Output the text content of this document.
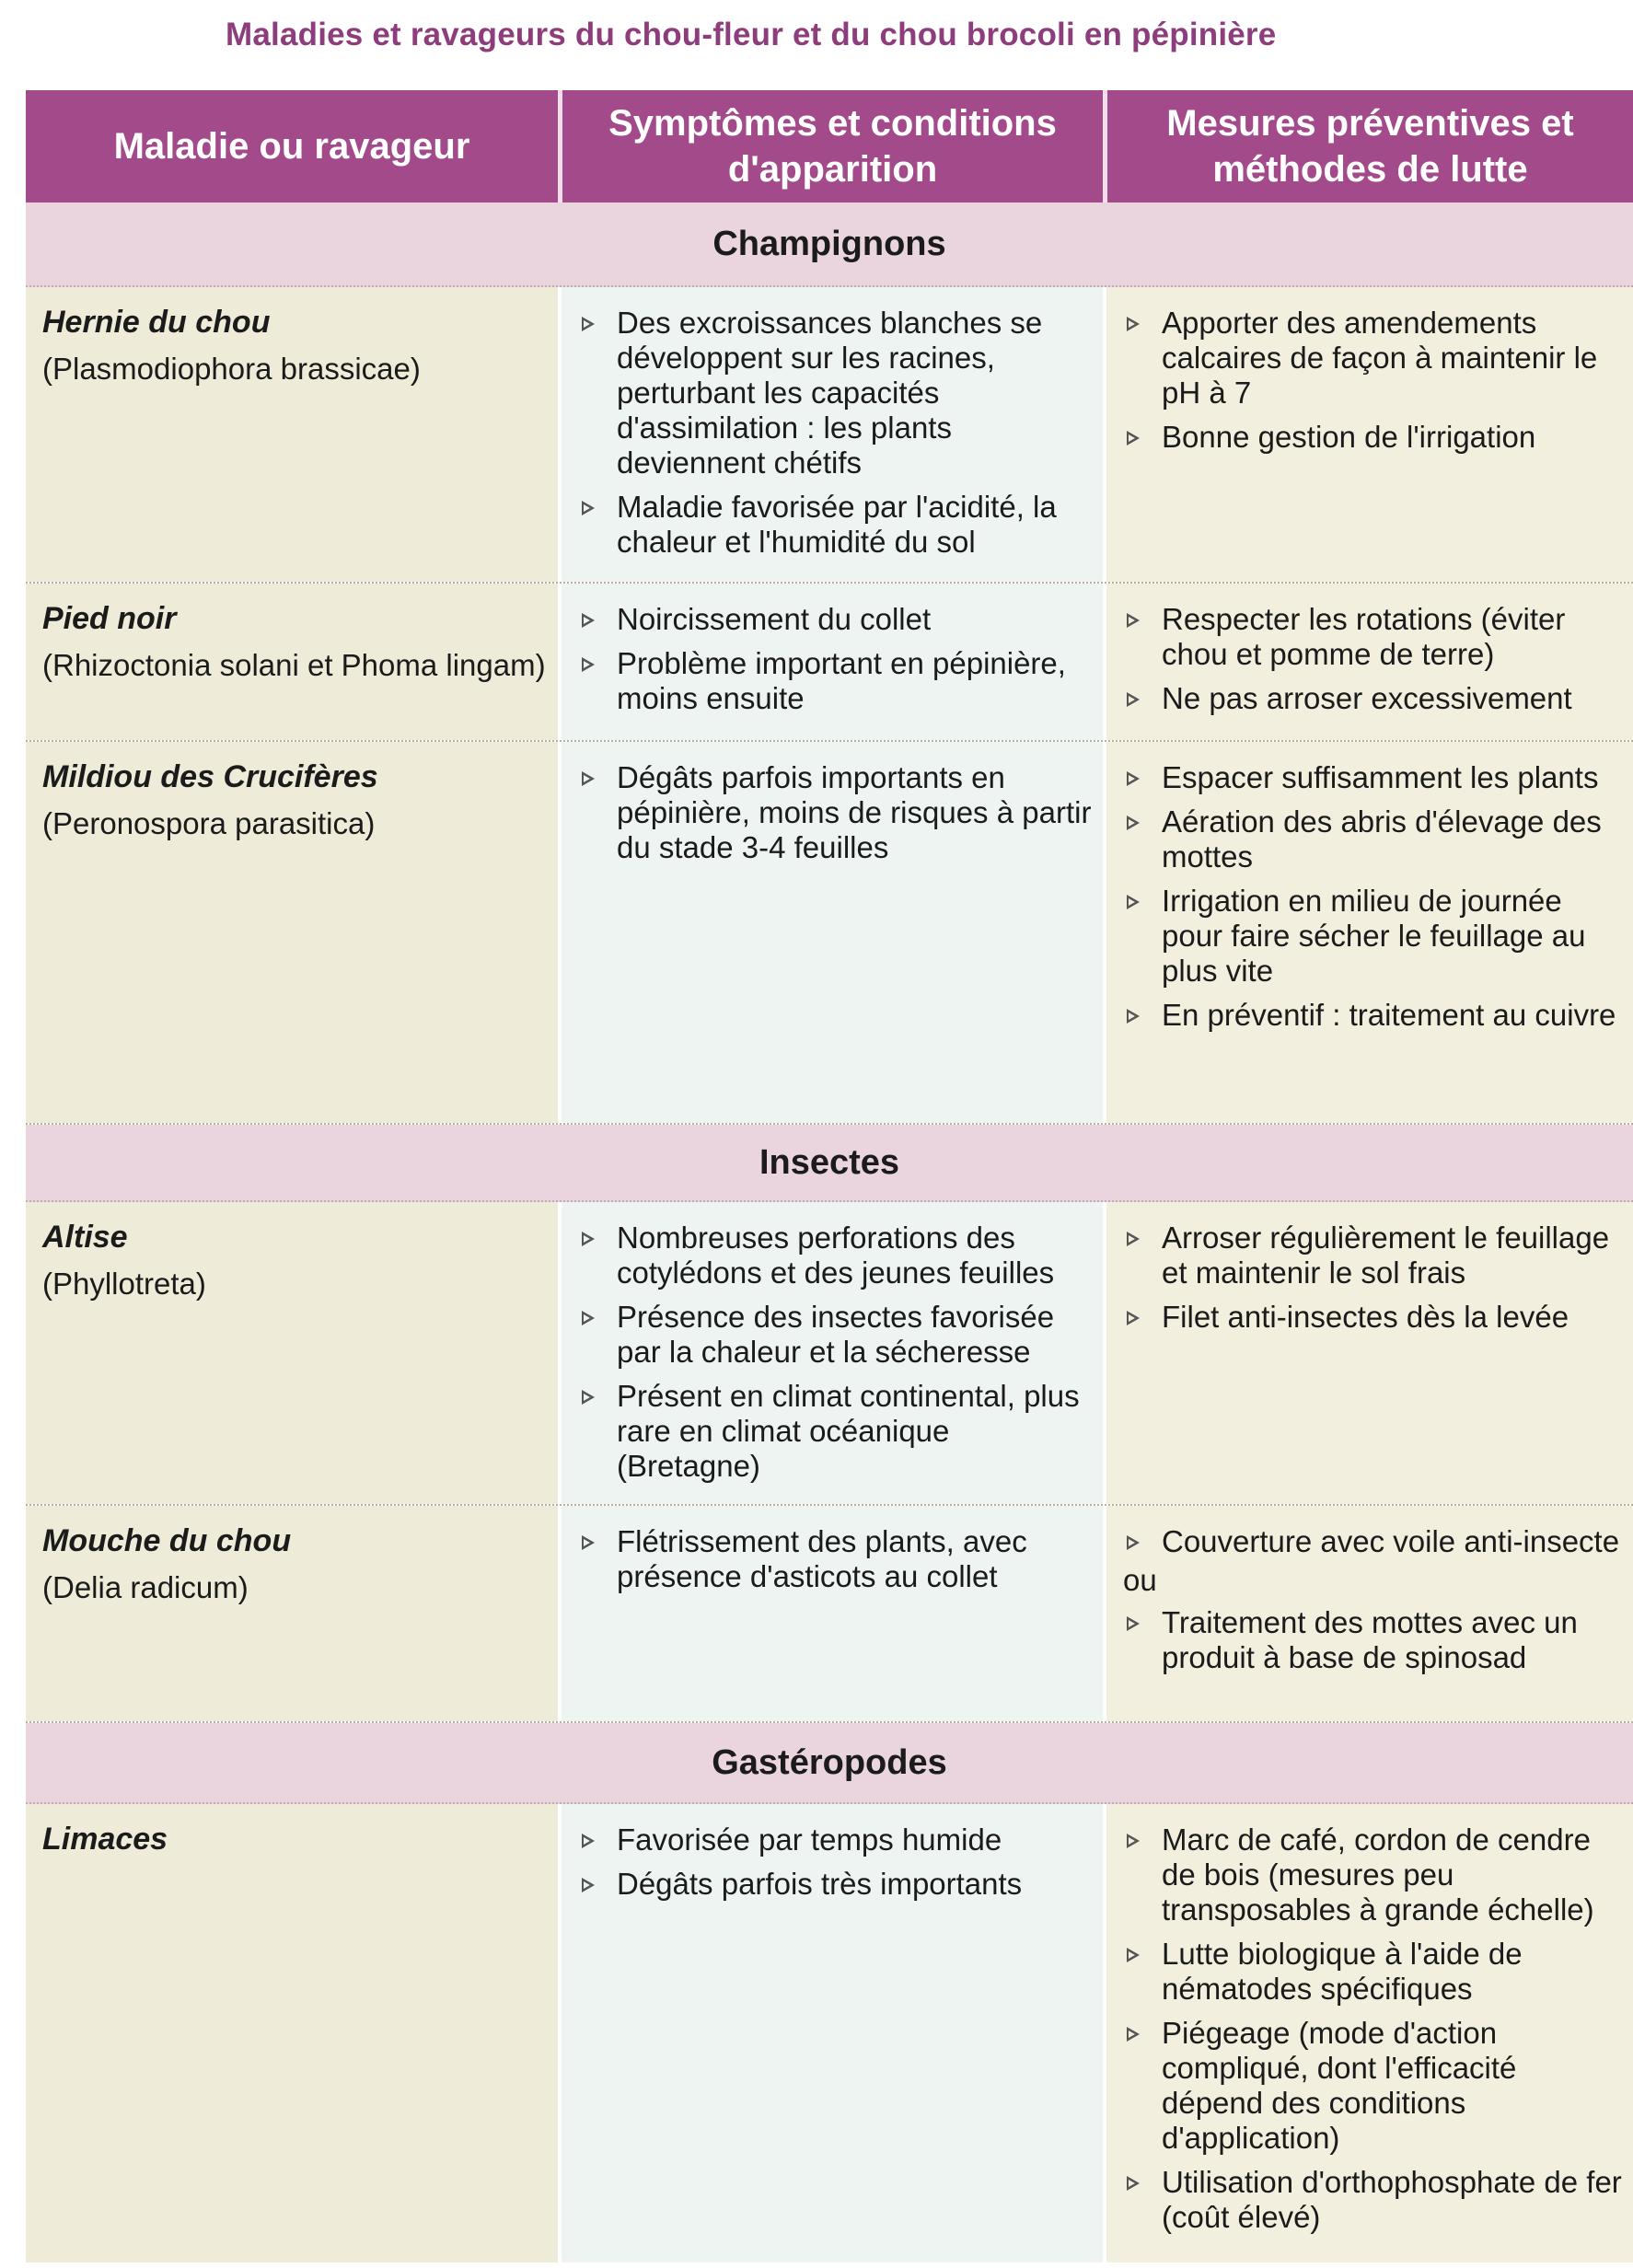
Maladies et ravageurs du chou-fleur et du chou brocoli en pépinière
Maladie ou ravageur
Symptômes et conditions d'apparition
Mesures préventives et méthodes de lutte
Champignons
Hernie du chou
(Plasmodiophora brassicae)
Des excroissances blanches se développent sur les racines, perturbant les capacités d'assimilation : les plants deviennent chétifs
Maladie favorisée par l'acidité, la chaleur et l'humidité du sol
Apporter des amendements calcaires de façon à maintenir le pH à 7
Bonne gestion de l'irrigation
Pied noir
(Rhizoctonia solani et Phoma lingam)
Noircissement du collet
Problème important en pépinière, moins ensuite
Respecter les rotations (éviter chou et pomme de terre)
Ne pas arroser excessivement
Mildiou des Crucifères
(Peronospora parasitica)
Dégâts parfois importants en pépinière, moins de risques à partir du stade 3-4 feuilles
Espacer suffisamment les plants
Aération des abris d'élevage des mottes
Irrigation en milieu de journée pour faire sécher le feuillage au plus vite
En préventif : traitement au cuivre
Insectes
Altise
(Phyllotreta)
Nombreuses perforations des cotylédons et des jeunes feuilles
Présence des insectes favorisée par la chaleur et la sécheresse
Présent en climat continental, plus rare en climat océanique (Bretagne)
Arroser régulièrement le feuillage et maintenir le sol frais
Filet anti-insectes dès la levée
Mouche du chou
(Delia radicum)
Flétrissement des plants, avec présence d'asticots au collet
Couverture avec voile anti-insecte
ou
Traitement des mottes avec un produit à base de spinosad
Gastéropodes
Limaces	Favorisée par temps humide
Dégâts parfois très importants
Marc de café, cordon de cendre de bois (mesures peu transposables à grande échelle)
Lutte biologique à l'aide de nématodes spécifiques
Piégeage (mode d'action compliqué, dont l'efficacité dépend des conditions d'application)
Utilisation d'orthophosphate de fer (coût élevé)
